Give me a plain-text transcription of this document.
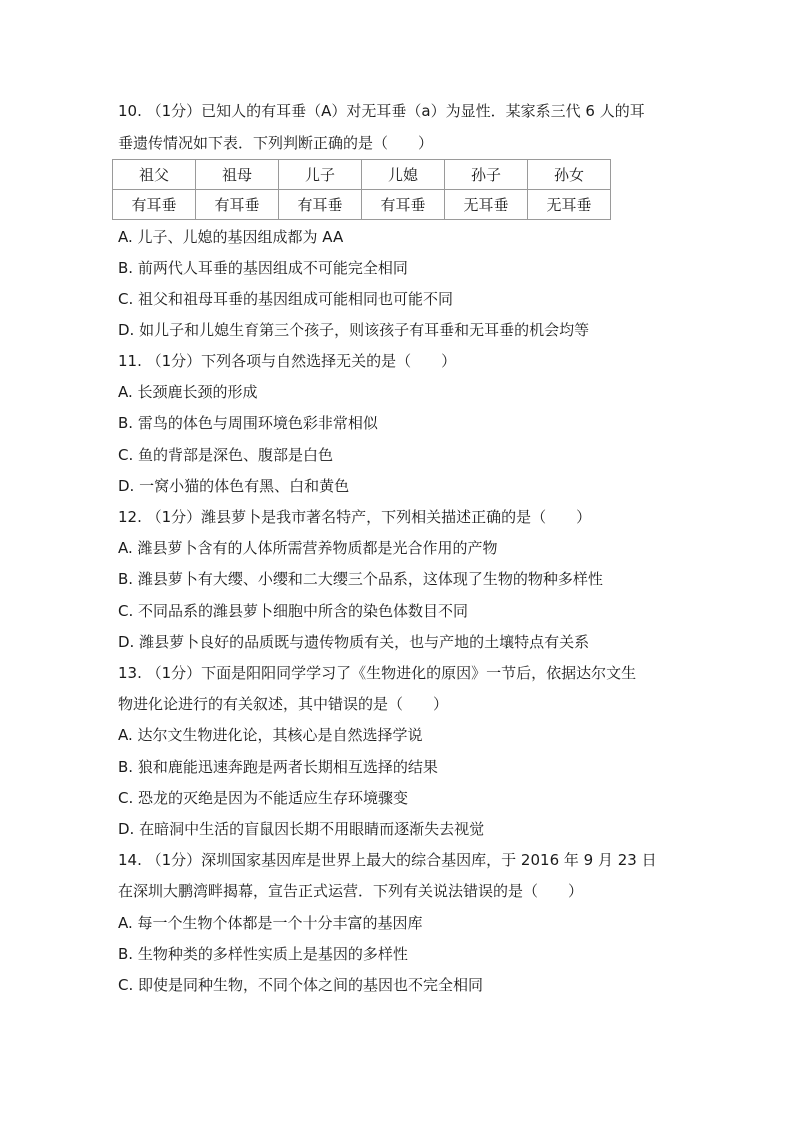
10. （1分）已知人的有耳垂（A）对无耳垂（a）为显性．某家系三代 6 人的耳
垂遗传情况如下表．下列判断正确的是（　　）
祖父	祖母	儿子	儿媳	孙子	孙女
有耳垂	有耳垂	有耳垂	有耳垂	无耳垂	无耳垂
A. 儿子、儿媳的基因组成都为 AA
B. 前两代人耳垂的基因组成不可能完全相同
C. 祖父和祖母耳垂的基因组成可能相同也可能不同
D. 如儿子和儿媳生育第三个孩子，则该孩子有耳垂和无耳垂的机会均等
11. （1分）下列各项与自然选择无关的是（　　）
A. 长颈鹿长颈的形成
B. 雷鸟的体色与周围环境色彩非常相似
C. 鱼的背部是深色、腹部是白色
D. 一窝小猫的体色有黑、白和黄色
12. （1分）潍县萝卜是我市著名特产，下列相关描述正确的是（　　）
A. 潍县萝卜含有的人体所需营养物质都是光合作用的产物
B. 潍县萝卜有大缨、小缨和二大缨三个品系，这体现了生物的物种多样性
C. 不同品系的潍县萝卜细胞中所含的染色体数目不同
D. 潍县萝卜良好的品质既与遗传物质有关，也与产地的土壤特点有关系
13. （1分）下面是阳阳同学学习了《生物进化的原因》一节后，依据达尔文生
物进化论进行的有关叙述，其中错误的是（　　）
A. 达尔文生物进化论，其核心是自然选择学说
B. 狼和鹿能迅速奔跑是两者长期相互选择的结果
C. 恐龙的灭绝是因为不能适应生存环境骤变
D. 在暗洞中生活的盲鼠因长期不用眼睛而逐渐失去视觉
14. （1分）深圳国家基因库是世界上最大的综合基因库，于 2016 年 9 月 23 日
在深圳大鹏湾畔揭幕，宣告正式运营．下列有关说法错误的是（　　）
B. 生物种类的多样性实质上是基因的多样性
A. 每一个生物个体都是一个十分丰富的基因库
C. 即使是同种生物，不同个体之间的基因也不完全相同
